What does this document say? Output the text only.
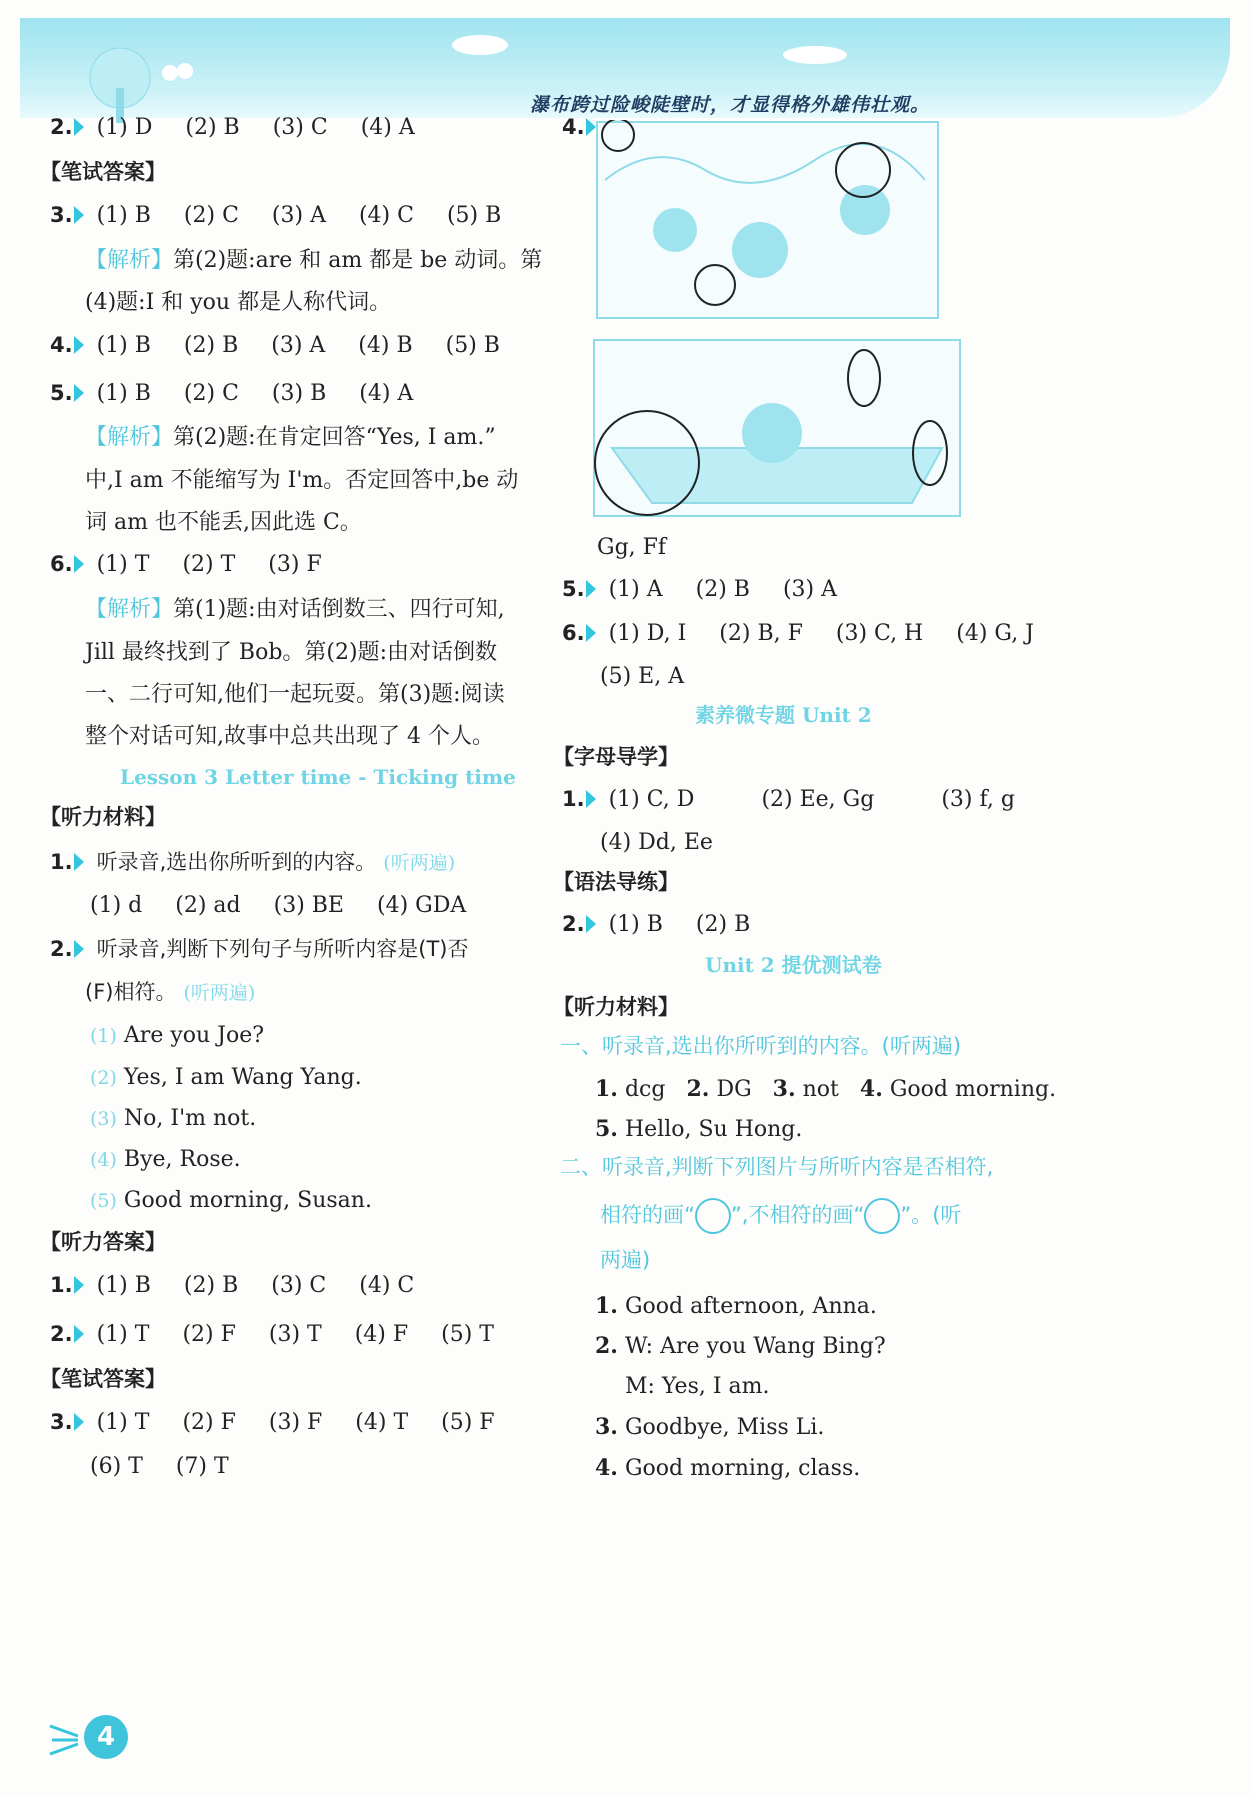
瀑布跨过险峻陡壁时，才显得格外雄伟壮观。
2. (1) D (2) B (3) C (4) A
【笔试答案】
3. (1) B (2) C (3) A (4) C (5) B
【解析】第(2)题:are 和 am 都是 be 动词。第
(4)题:I 和 you 都是人称代词。
4. (1) B (2) B (3) A (4) B (5) B
5. (1) B (2) C (3) B (4) A
【解析】第(2)题:在肯定回答“Yes, I am.”
中,I am 不能缩写为 I'm。否定回答中,be 动
词 am 也不能丢,因此选 C。
6. (1) T (2) T (3) F
【解析】第(1)题:由对话倒数三、四行可知,
Jill 最终找到了 Bob。第(2)题:由对话倒数
一、二行可知,他们一起玩耍。第(3)题:阅读
整个对话可知,故事中总共出现了 4 个人。
Lesson 3 Letter time - Ticking time
【听力材料】
1. 听录音,选出你所听到的内容。 (听两遍)
(1) d (2) ad (3) BE (4) GDA
2. 听录音,判断下列句子与所听内容是(T)否
(F)相符。 (听两遍)
(1) Are you Joe?
(2) Yes, I am Wang Yang.
(3) No, I'm not.
(4) Bye, Rose.
(5) Good morning, Susan.
【听力答案】
1. (1) B (2) B (3) C (4) C
2. (1) T (2) F (3) T (4) F (5) T
【笔试答案】
3. (1) T (2) F (3) F (4) T (5) F
(6) T (7) T
4.
Gg, Ff
5. (1) A (2) B (3) A
6. (1) D, I (2) B, F (3) C, H (4) G, J
(5) E, A
素养微专题 Unit 2
【字母导学】
1. (1) C, D	(2) Ee, Gg	(3) f, g
(4) Dd, Ee
【语法导练】
2. (1) B (2) B
Unit 2 提优测试卷
【听力材料】
一、听录音,选出你所听到的内容。(听两遍)
1. dcg 2. DG 3. not 4. Good morning.
5. Hello, Su Hong.
二、听录音,判断下列图片与所听内容是否相符,
相符的画“ ”,不相符的画“ ”。(听
两遍)
1. Good afternoon, Anna.
2. W: Are you Wang Bing?
M: Yes, I am.
3. Goodbye, Miss Li.
4. Good morning, class.
4
